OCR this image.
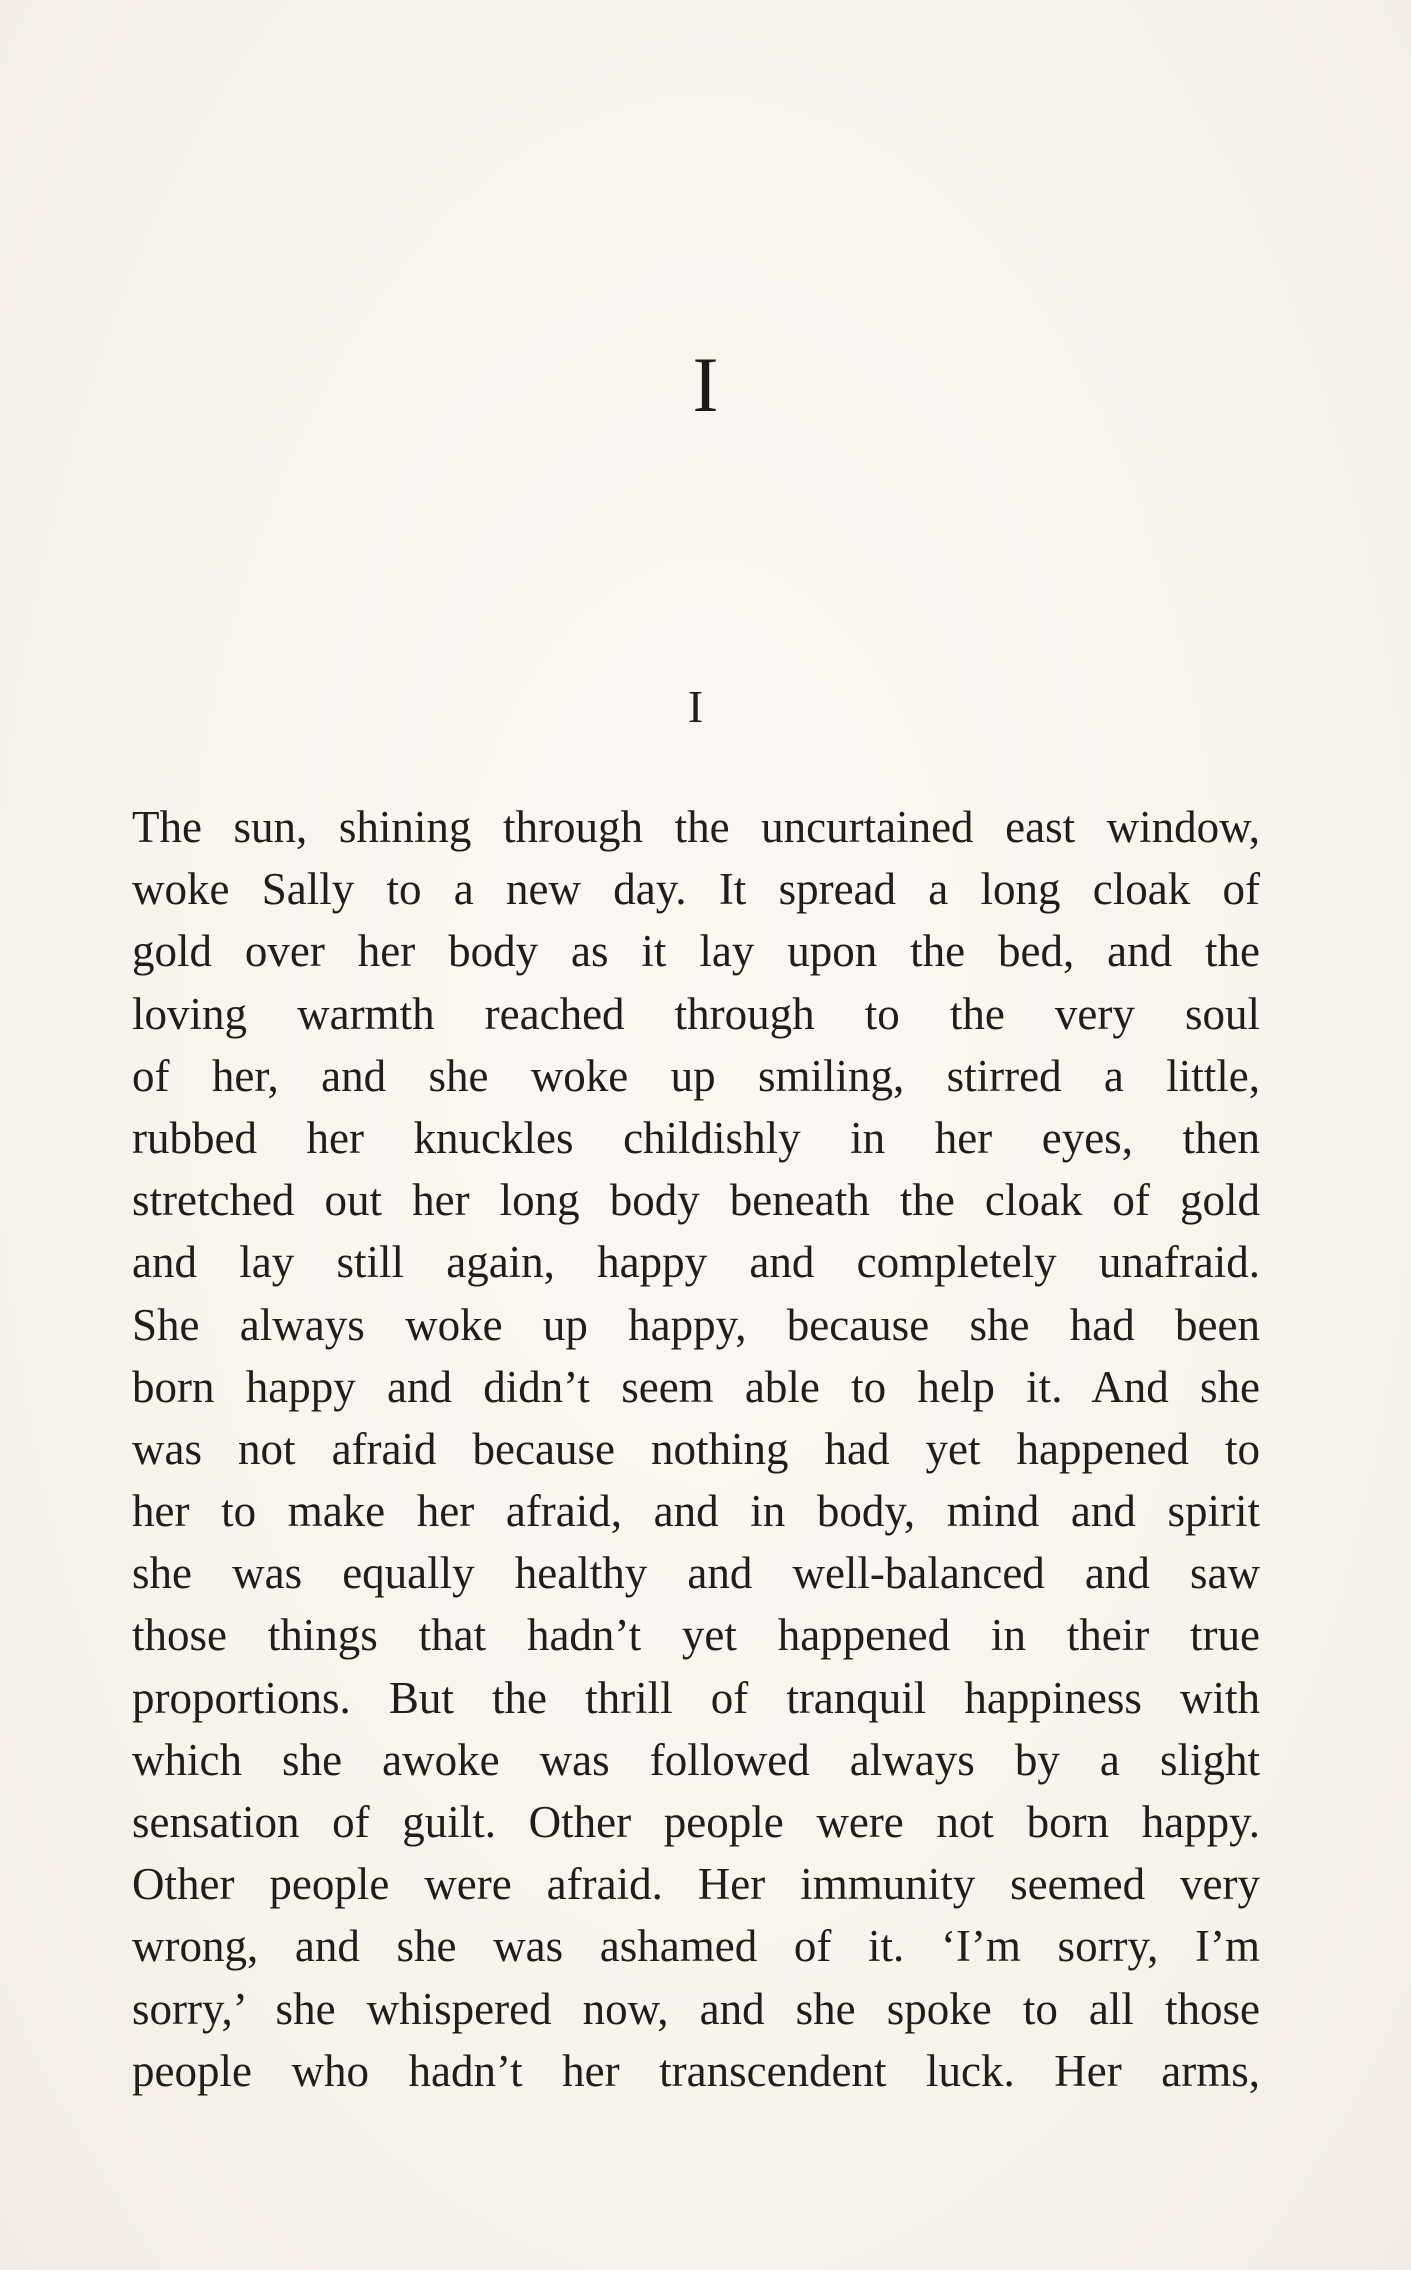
I
I
The sun, shining through the uncurtained east window,
woke Sally to a new day. It spread a long cloak of
gold over her body as it lay upon the bed, and the
loving warmth reached through to the very soul
of her, and she woke up smiling, stirred a little,
rubbed her knuckles childishly in her eyes, then
stretched out her long body beneath the cloak of gold
and lay still again, happy and completely unafraid.
She always woke up happy, because she had been
born happy and didn’t seem able to help it. And she
was not afraid because nothing had yet happened to
her to make her afraid, and in body, mind and spirit
she was equally healthy and well-balanced and saw
those things that hadn’t yet happened in their true
proportions. But the thrill of tranquil happiness with
which she awoke was followed always by a slight
sensation of guilt. Other people were not born happy.
Other people were afraid. Her immunity seemed very
wrong, and she was ashamed of it. ‘I’m sorry, I’m
sorry,’ she whispered now, and she spoke to all those
people who hadn’t her transcendent luck. Her arms,
